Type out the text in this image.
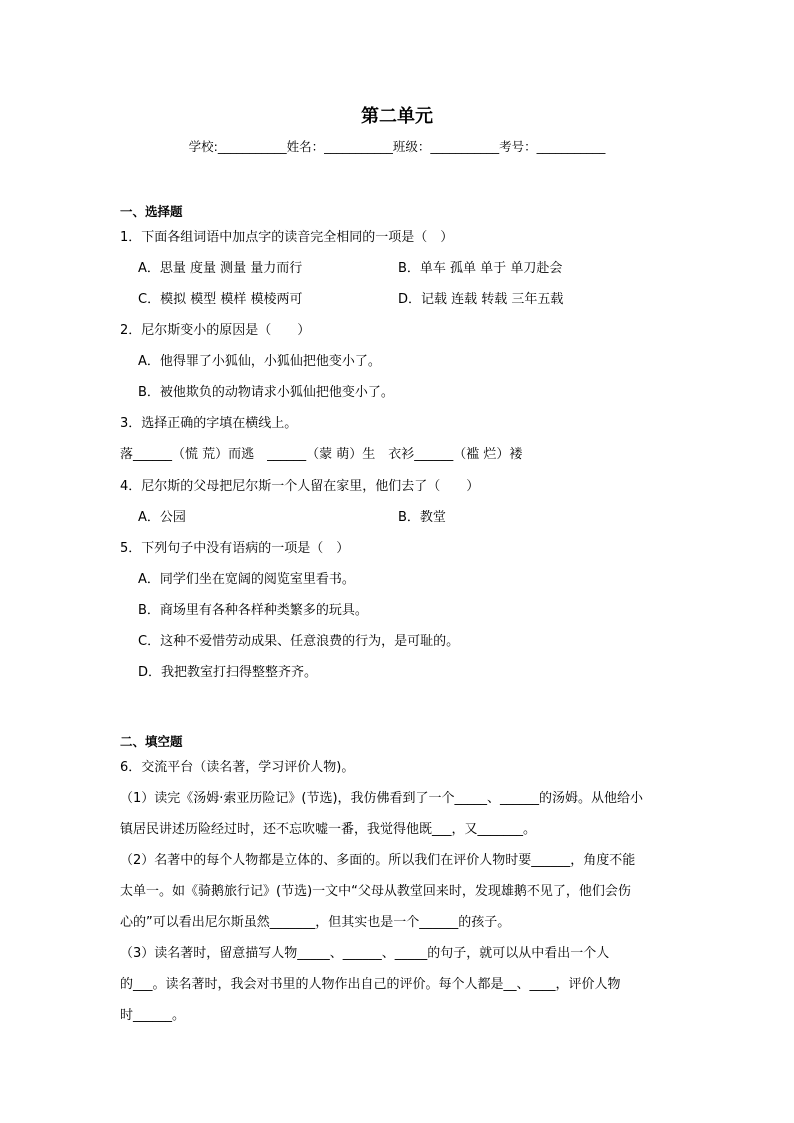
第二单元
学校:___________姓名：___________班级：___________考号：___________
一、选择题
1．下面各组词语中加点字的读音完全相同的一项是（　）
A．思量 度量 测量 量力而行	B．单车 孤单 单于 单刀赴会
C．模拟 模型 模样 模棱两可	D．记载 连载 转载 三年五载
2．尼尔斯变小的原因是（　　）
A．他得罪了小狐仙，小狐仙把他变小了。
B．被他欺负的动物请求小狐仙把他变小了。
3．选择正确的字填在横线上。
落______（慌 荒）而逃　______（蒙 萌）生　衣衫______（褴 烂）褛
4．尼尔斯的父母把尼尔斯一个人留在家里，他们去了（　　）
A．公园	B．教堂
5．下列句子中没有语病的一项是（　）
A．同学们坐在宽阔的阅览室里看书。
B．商场里有各种各样种类繁多的玩具。
C．这种不爱惜劳动成果、任意浪费的行为，是可耻的。
D．我把教室打扫得整整齐齐。
二、填空题
6．交流平台（读名著，学习评价人物)。
（1）读完《汤姆·索亚历险记》(节选)，我仿佛看到了一个_____、______的汤姆。从他给小
镇居民讲述历险经过时，还不忘吹嘘一番，我觉得他既___，又_______。
（2）名著中的每个人物都是立体的、多面的。所以我们在评价人物时要______，角度不能
太单一。如《骑鹅旅行记》(节选)一文中“父母从教堂回来时，发现雄鹅不见了，他们会伤
心的”可以看出尼尔斯虽然_______，但其实也是一个______的孩子。
（3）读名著时，留意描写人物_____、______、_____的句子，就可以从中看出一个人
的___。读名著时，我会对书里的人物作出自己的评价。每个人都是__、____，评价人物
时______。
